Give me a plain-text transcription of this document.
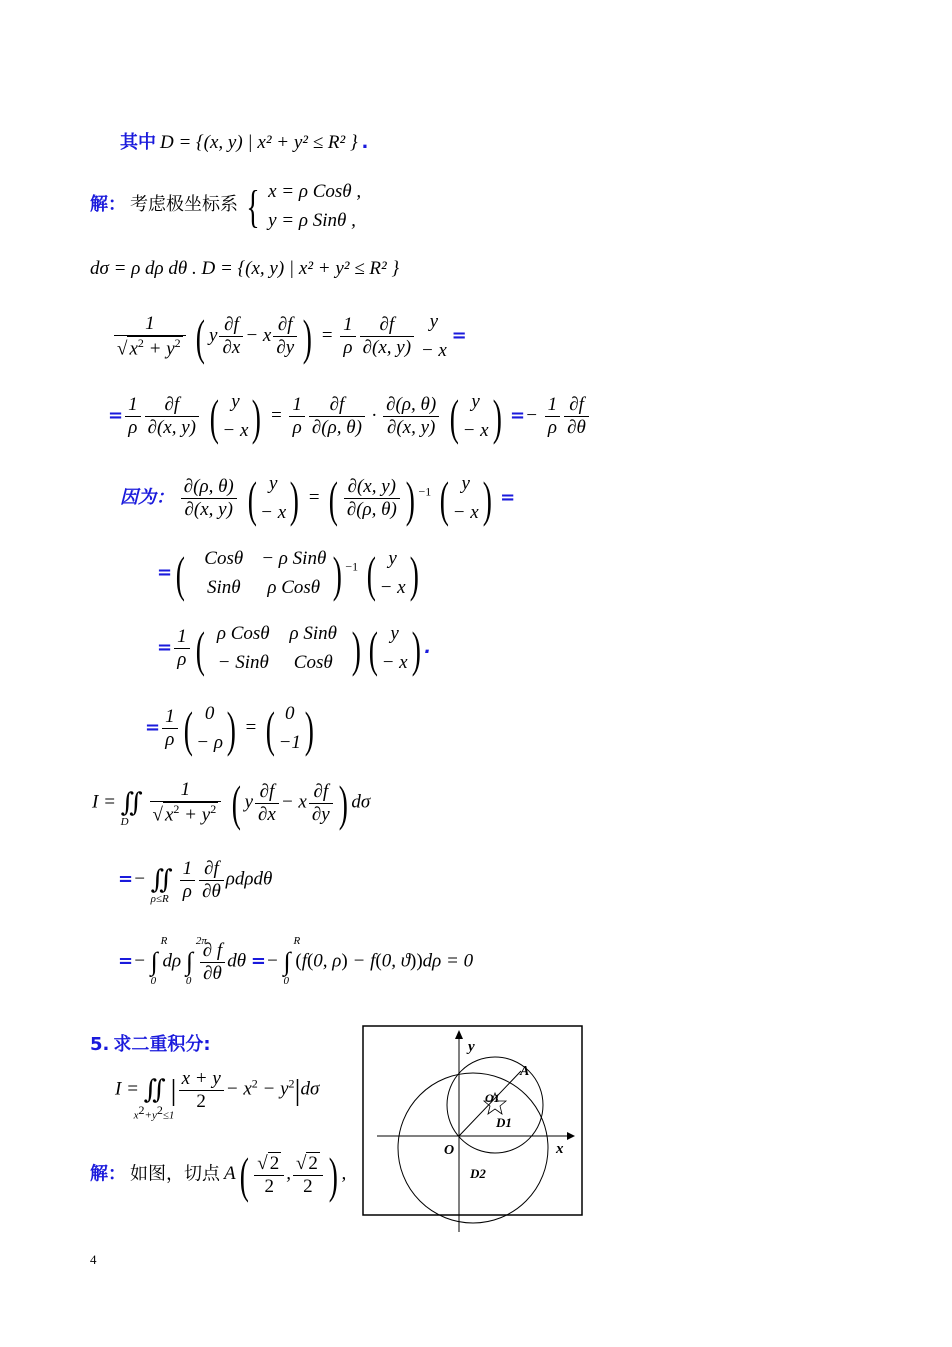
其中 D = {(x, y) | x² + y² ≤ R² } .
解： 考虑极坐标系 { x = ρ Cosθ ,
y = ρ Sinθ ,
dσ = ρ dρ dθ . D = {(x, y) | x² + y² ≤ R² }
$\frac{1}{√ x^2 + y^2}$ ( y $\frac{\partial f}{\partial x} - x \frac{\partial f}{\partial y}$ ) = $\frac{1}{\rho} \frac{\partial f}{\partial(x, y)}$
y
− x
=
= $\frac{1}{\rho} \frac{\partial f}{\partial(x, y)}$ ( y
− x ) = $\frac{1}{\rho} \frac{\partial f}{\partial(\rho, \theta)} \cdot \frac{\partial(\rho, \theta)}{\partial(x, y)}$ ( y
− x ) =− $\frac{1}{\rho} \frac{\partial f}{\partial\theta}$
因为： $\frac{\partial(\rho, \theta)}{\partial(x, y)}$ ( y
− x ) = ( $\frac{\partial(x, y)}{\partial(\rho, \theta)}$ ) $^{-1}$ ( y
− x ) =
=(	Cosθ − ρ Sinθ
Sinθ ρ Cosθ ) $^{-1}$ ( y
− x )
= $\frac{1}{\rho}$ ( ρ Cosθ ρ Sinθ
− Sinθ Cosθ ) ( y
− x ) .
= $\frac{1}{\rho}$ ( 0
− ρ ) = ( 0
−1 )
I = ∬
D
$\frac{1}{√ x^2 + y^2}$ ( y $\frac{\partial f}{\partial x} - x \frac{\partial f}{\partial y}$ ) dσ
=− ∬
ρ≤R
$\frac{1}{\rho} \frac{\partial f}{\partial\theta}$ ρdρdθ
=− ∫
R
0
dρ ∫
2π
0
$\frac{\partial f}{\partial\theta}$ dθ =− ∫
R
0
(f(0, ρ) − f(0, ϑ))dρ = 0
5. 求二重积分:
I = ∬
$x^2+y^2\le 1$
| $\frac{x + y}{2} - x^2 - y^2|d\sigma$
解： 如图，切点 $A( \frac{√ 2}{2}$ , $\frac{√ 2}{2}$ ) ,
y
x
A
O
O1
D1
D2
4
